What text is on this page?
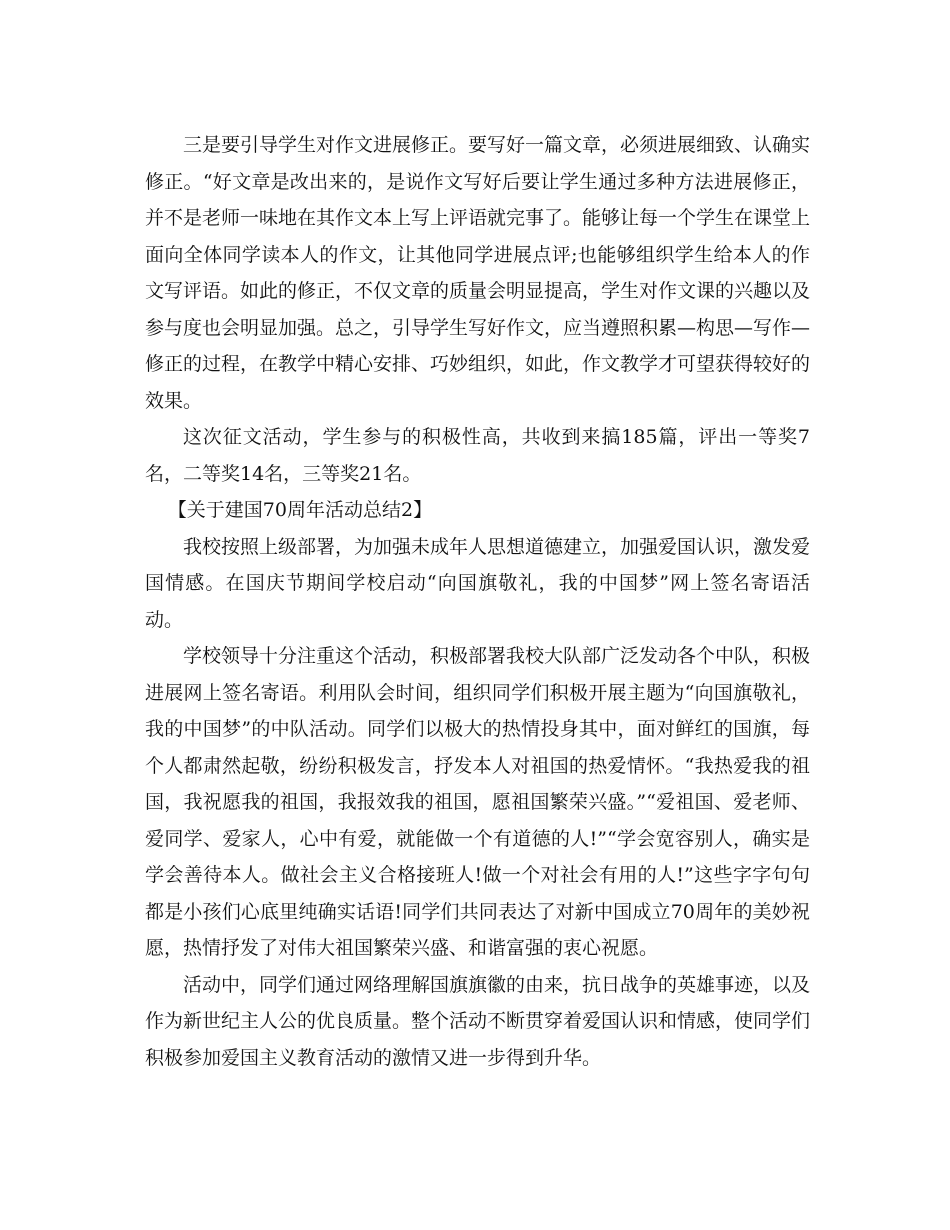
三是要引导学生对作文进展修正。要写好一篇文章，必须进展细致、认确实修正。“好文章是改出来的，是说作文写好后要让学生通过多种方法进展修正，并不是老师一味地在其作文本上写上评语就完事了。能够让每一个学生在课堂上面向全体同学读本人的作文，让其他同学进展点评;也能够组织学生给本人的作文写评语。如此的修正，不仅文章的质量会明显提高，学生对作文课的兴趣以及参与度也会明显加强。总之，引导学生写好作文，应当遵照积累—构思—写作—修正的过程，在教学中精心安排、巧妙组织，如此，作文教学才可望获得较好的效果。

这次征文活动，学生参与的积极性高，共收到来搞185篇，评出一等奖7名，二等奖14名，三等奖21名。

【关于建国70周年活动总结2】

我校按照上级部署，为加强未成年人思想道德建立，加强爱国认识，激发爱国情感。在国庆节期间学校启动“向国旗敬礼，我的中国梦”网上签名寄语活动。

学校领导十分注重这个活动，积极部署我校大队部广泛发动各个中队，积极进展网上签名寄语。利用队会时间，组织同学们积极开展主题为“向国旗敬礼，我的中国梦”的中队活动。同学们以极大的热情投身其中，面对鲜红的国旗，每个人都肃然起敬，纷纷积极发言，抒发本人对祖国的热爱情怀。“我热爱我的祖国，我祝愿我的祖国，我报效我的祖国，愿祖国繁荣兴盛。”“爱祖国、爱老师、爱同学、爱家人，心中有爱，就能做一个有道德的人!”“学会宽容别人，确实是学会善待本人。做社会主义合格接班人!做一个对社会有用的人!”这些字字句句都是小孩们心底里纯确实话语!同学们共同表达了对新中国成立70周年的美妙祝愿，热情抒发了对伟大祖国繁荣兴盛、和谐富强的衷心祝愿。

活动中，同学们通过网络理解国旗旗徽的由来，抗日战争的英雄事迹，以及作为新世纪主人公的优良质量。整个活动不断贯穿着爱国认识和情感，使同学们积极参加爱国主义教育活动的激情又进一步得到升华。
